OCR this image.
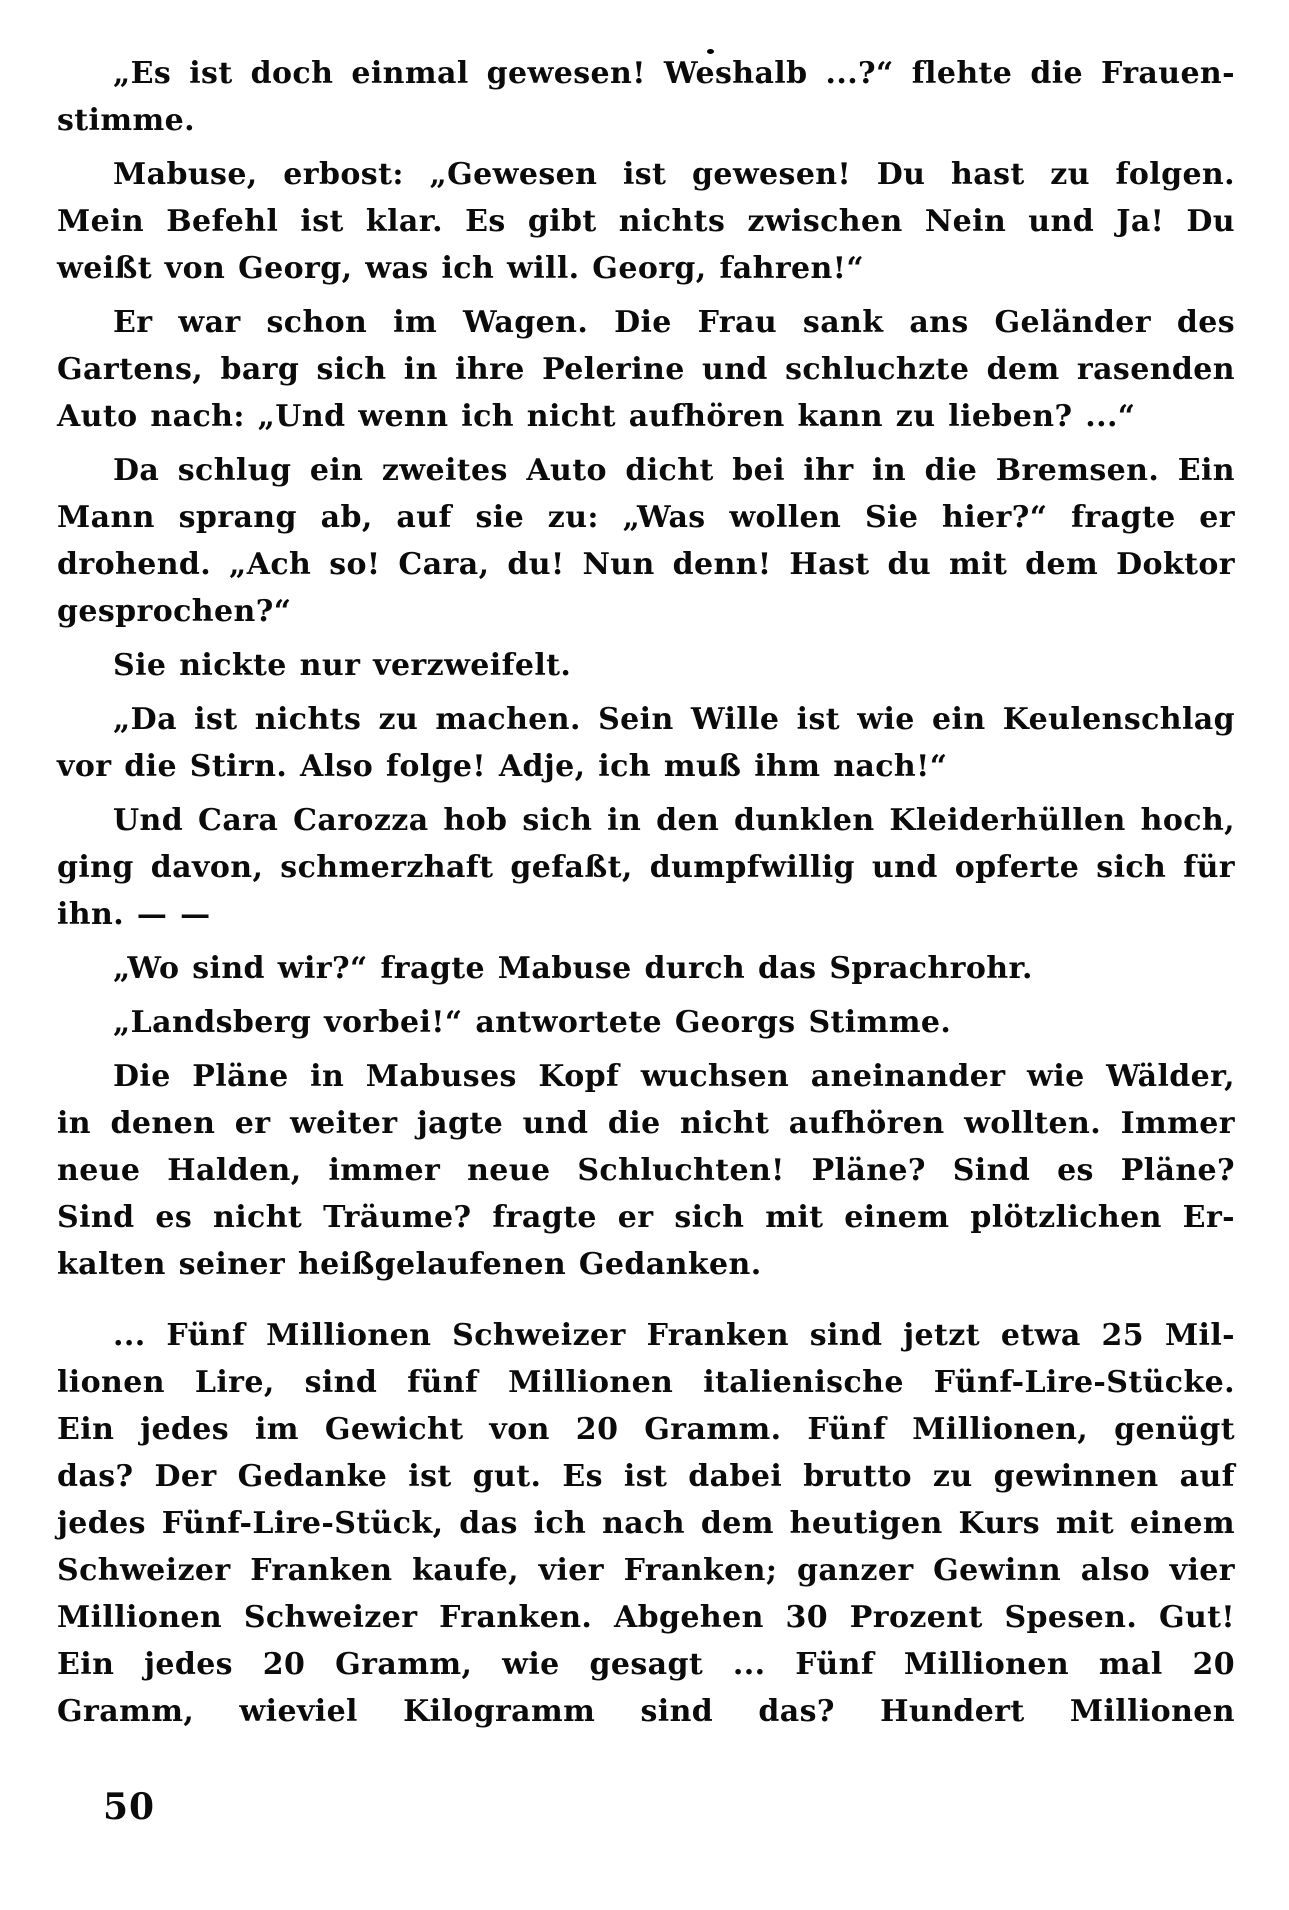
„Es ist doch einmal gewesen! Weshalb ...?“ flehte die Frauen-
stimme.
Mabuse, erbost: „Gewesen ist gewesen! Du hast zu folgen.
Mein Befehl ist klar. Es gibt nichts zwischen Nein und Ja! Du
weißt von Georg, was ich will. Georg, fahren!“
Er war schon im Wagen. Die Frau sank ans Geländer des
Gartens, barg sich in ihre Pelerine und schluchzte dem rasenden
Auto nach: „Und wenn ich nicht aufhören kann zu lieben? ...“
Da schlug ein zweites Auto dicht bei ihr in die Bremsen. Ein
Mann sprang ab, auf sie zu: „Was wollen Sie hier?“ fragte er
drohend. „Ach so! Cara, du! Nun denn! Hast du mit dem Doktor
gesprochen?“
Sie nickte nur verzweifelt.
„Da ist nichts zu machen. Sein Wille ist wie ein Keulenschlag
vor die Stirn. Also folge! Adje, ich muß ihm nach!“
Und Cara Carozza hob sich in den dunklen Kleiderhüllen hoch,
ging davon, schmerzhaft gefaßt, dumpfwillig und opferte sich für
ihn. — —
„Wo sind wir?“ fragte Mabuse durch das Sprachrohr.
„Landsberg vorbei!“ antwortete Georgs Stimme.
Die Pläne in Mabuses Kopf wuchsen aneinander wie Wälder,
in denen er weiter jagte und die nicht aufhören wollten. Immer
neue Halden, immer neue Schluchten! Pläne? Sind es Pläne?
Sind es nicht Träume? fragte er sich mit einem plötzlichen Er-
kalten seiner heißgelaufenen Gedanken.
... Fünf Millionen Schweizer Franken sind jetzt etwa 25 Mil-
lionen Lire, sind fünf Millionen italienische Fünf-Lire-Stücke.
Ein jedes im Gewicht von 20 Gramm. Fünf Millionen, genügt
das? Der Gedanke ist gut. Es ist dabei brutto zu gewinnen auf
jedes Fünf-Lire-Stück, das ich nach dem heutigen Kurs mit einem
Schweizer Franken kaufe, vier Franken; ganzer Gewinn also vier
Millionen Schweizer Franken. Abgehen 30 Prozent Spesen. Gut!
Ein jedes 20 Gramm, wie gesagt ... Fünf Millionen mal 20
Gramm, wieviel Kilogramm sind das? Hundert Millionen
50
